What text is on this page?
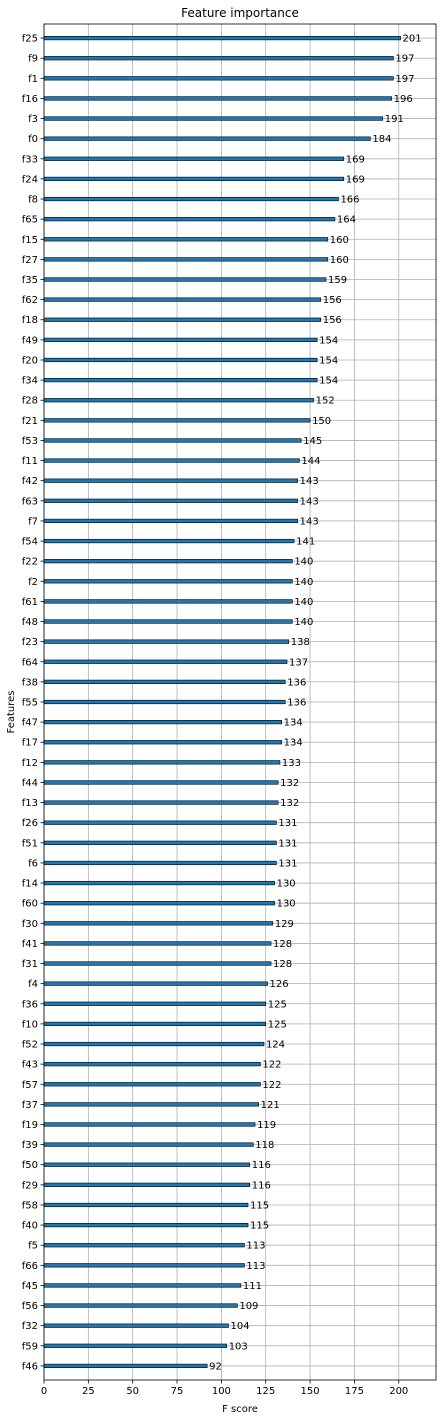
0	25	50	75	100	125	150	175	200
f25
f9
f1
f16
f3
f0
f33
f24
f8
f65
f15
f27
f35
f62
f18
f49
f20
f34
f28
f21
f53
f11
f42
f63
f7
f54
f22
f2
f61
f48
f23
f64
f38
f55
f47
f17
f12
f44
f13
f26
f51
f6
f14
f60
f30
f41
f31
f4
f36
f10
f52
f43
f57
f37
f19
f39
f50
f29
f58
f40
f5
f66
f45
f56
f32
f59
f46
201
197
197
196
191
184
169
169
166
164
160
160
159
156
156
154
154
154
152
150
145
144
143
143
143
141
140
140
140
140
138
137
136
136
134
134
133
132
132
131
131
131
130
130
129
128
128
126
125
125
124
122
122
121
119
118
116
116
115
115
113
113
111
109
104
103
92
Feature importance
F score
Features
